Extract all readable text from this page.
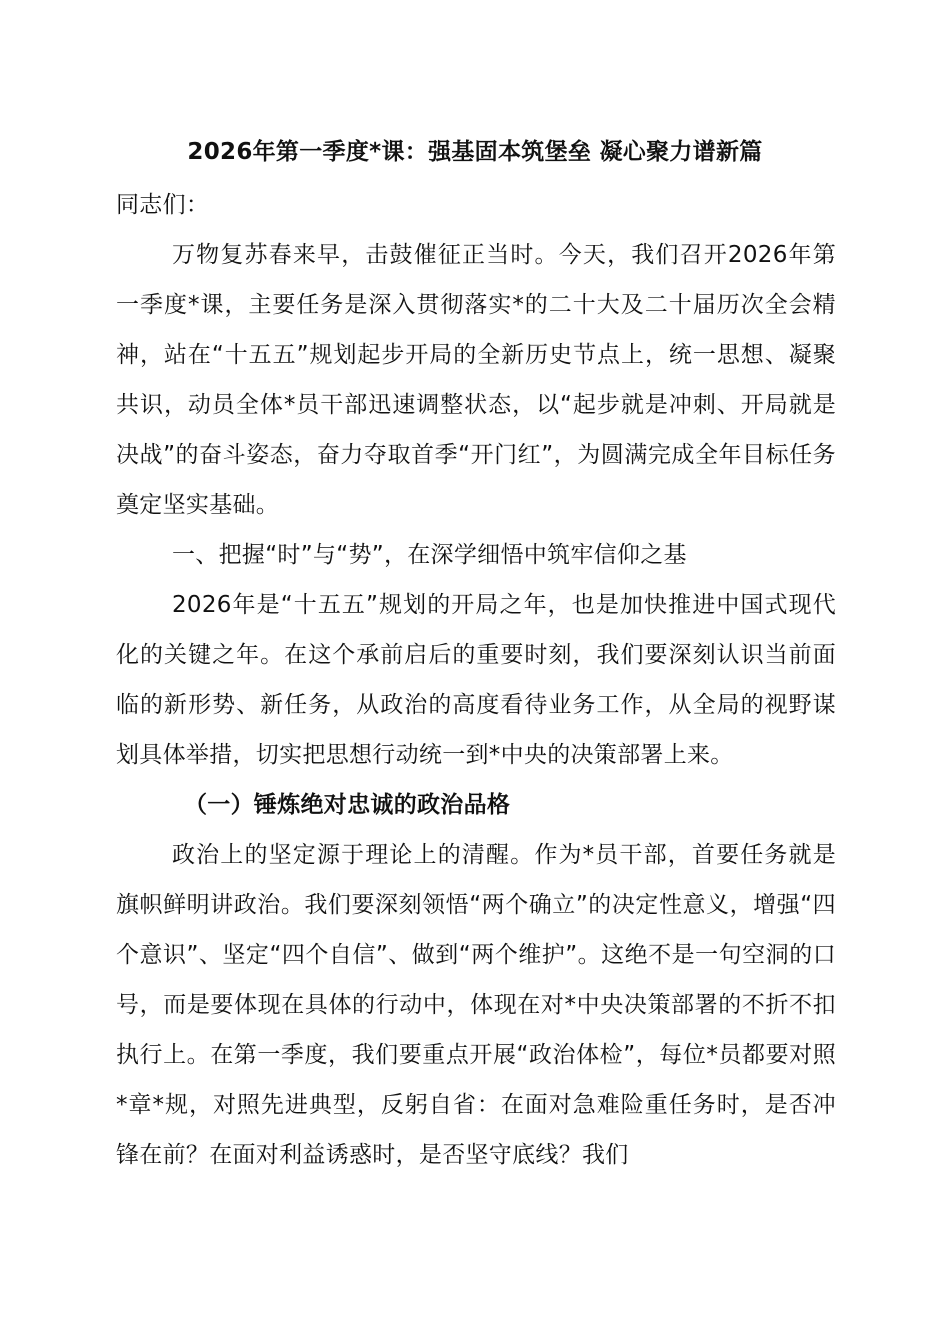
2026年第一季度*课：强基固本筑堡垒 凝心聚力谱新篇

同志们：

万物复苏春来早，击鼓催征正当时。今天，我们召开2026年第一季度*课，主要任务是深入贯彻落实*的二十大及二十届历次全会精神，站在“十五五”规划起步开局的全新历史节点上，统一思想、凝聚共识，动员全体*员干部迅速调整状态，以“起步就是冲刺、开局就是决战”的奋斗姿态，奋力夺取首季“开门红”，为圆满完成全年目标任务奠定坚实基础。

一、把握“时”与“势”，在深学细悟中筑牢信仰之基

2026年是“十五五”规划的开局之年，也是加快推进中国式现代化的关键之年。在这个承前启后的重要时刻，我们要深刻认识当前面临的新形势、新任务，从政治的高度看待业务工作，从全局的视野谋划具体举措，切实把思想行动统一到*中央的决策部署上来。

（一）锤炼绝对忠诚的政治品格

政治上的坚定源于理论上的清醒。作为*员干部，首要任务就是旗帜鲜明讲政治。我们要深刻领悟“两个确立”的决定性意义，增强“四个意识”、坚定“四个自信”、做到“两个维护”。这绝不是一句空洞的口号，而是要体现在具体的行动中，体现在对*中央决策部署的不折不扣执行上。在第一季度，我们要重点开展“政治体检”，每位*员都要对照*章*规，对照先进典型，反躬自省：在面对急难险重任务时，是否冲锋在前？在面对利益诱惑时，是否坚守底线？我们
